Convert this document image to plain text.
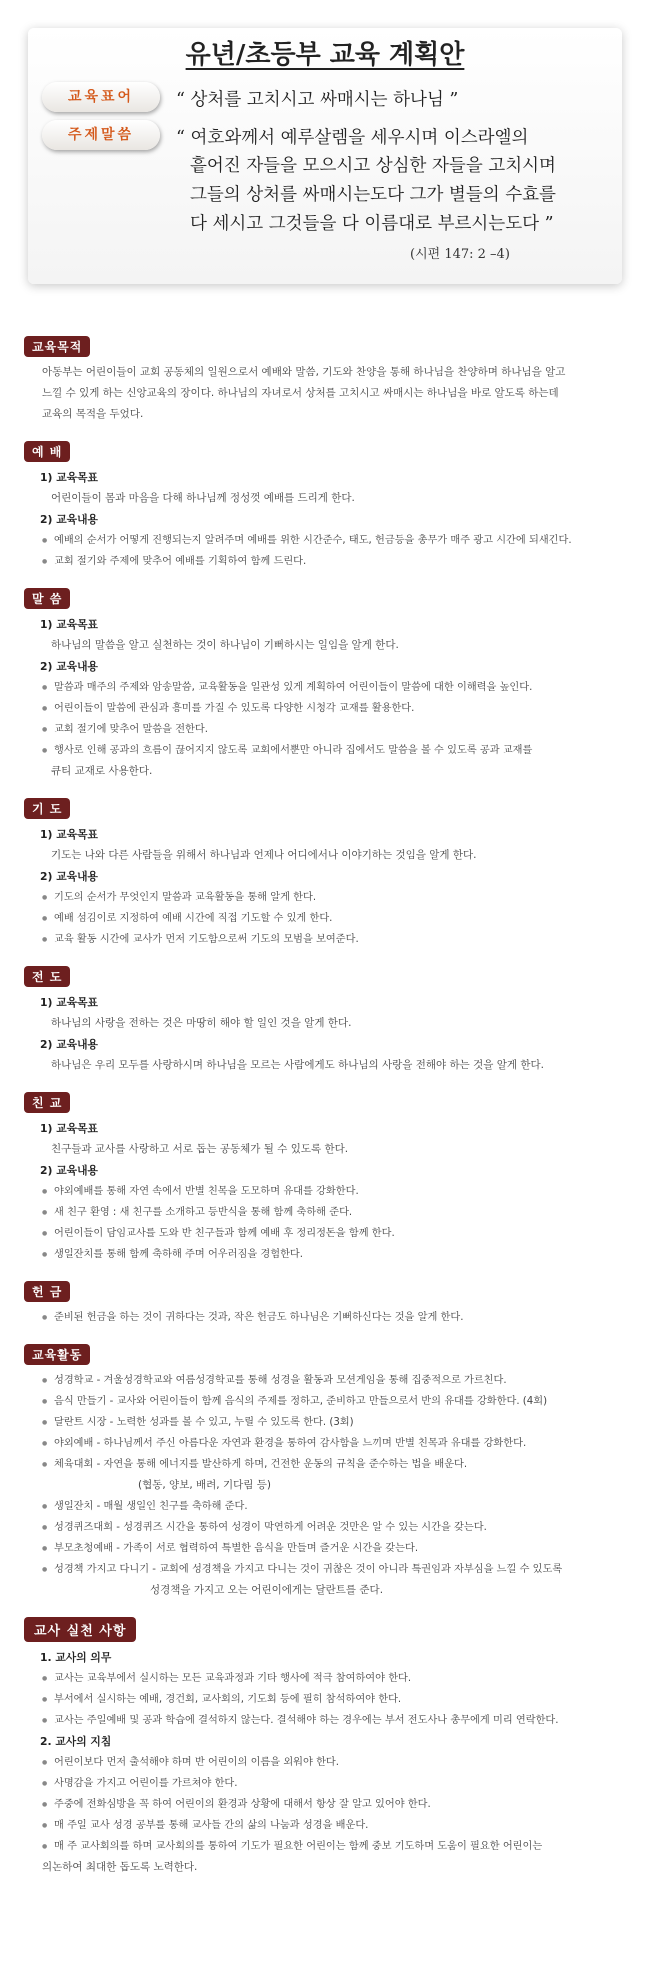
유년/초등부 교육 계획안
교육표어	“ 상처를 고치시고 싸매시는 하나님 ”
주제말씀	“ 여호와께서 예루살렘을 세우시며 이스라엘의
흩어진 자들을 모으시고 상심한 자들을 고치시며
그들의 상처를 싸매시는도다 그가 별들의 수효를
다 세시고 그것들을 다 이름대로 부르시는도다 ”
(시편 147: 2 –4)
교육목적
아동부는 어린이들이 교회 공동체의 일원으로서 예배와 말씀, 기도와 찬양을 통해 하나님을 찬양하며 하나님을 알고
느낄 수 있게 하는 신앙교육의 장이다. 하나님의 자녀로서 상처를 고치시고 싸매시는 하나님을 바로 알도록 하는데
교육의 목적을 두었다.
예 배
1) 교육목표
어린이들이 몸과 마음을 다해 하나님께 정성껏 예배를 드리게 한다.
2) 교육내용
● 예배의 순서가 어떻게 진행되는지 알려주며 예배를 위한 시간준수, 태도, 헌금등을 총무가 매주 광고 시간에 되새긴다.
● 교회 절기와 주제에 맞추어 예배를 기획하여 함께 드린다.
말 씀
1) 교육목표
하나님의 말씀을 알고 실천하는 것이 하나님이 기뻐하시는 일임을 알게 한다.
2) 교육내용
● 말씀과 매주의 주제와 암송말씀, 교육활동을 일관성 있게 계획하여 어린이들이 말씀에 대한 이해력을 높인다.
● 어린이들이 말씀에 관심과 흥미를 가질 수 있도록 다양한 시청각 교재를 활용한다.
● 교회 절기에 맞추어 말씀을 전한다.
● 행사로 인해 공과의 흐름이 끊어지지 않도록 교회에서뿐만 아니라 집에서도 말씀을 볼 수 있도록 공과 교재를
큐티 교재로 사용한다.
기 도
1) 교육목표
기도는 나와 다른 사람들을 위해서 하나님과 언제나 어디에서나 이야기하는 것임을 알게 한다.
2) 교육내용
● 기도의 순서가 무엇인지 말씀과 교육활동을 통해 알게 한다.
● 예배 섬김이로 지정하여 예배 시간에 직접 기도할 수 있게 한다.
● 교육 활동 시간에 교사가 먼저 기도함으로써 기도의 모범을 보여준다.
전 도
1) 교육목표
하나님의 사랑을 전하는 것은 마땅히 해야 할 일인 것을 알게 한다.
2) 교육내용
하나님은 우리 모두를 사랑하시며 하나님을 모르는 사람에게도 하나님의 사랑을 전해야 하는 것을 알게 한다.
친 교
1) 교육목표
친구들과 교사를 사랑하고 서로 돕는 공동체가 될 수 있도록 한다.
2) 교육내용
● 야외예배를 통해 자연 속에서 반별 친목을 도모하며 유대를 강화한다.
● 새 친구 환영 : 새 친구를 소개하고 등반식을 통해 함께 축하해 준다.
● 어린이들이 담임교사를 도와 반 친구들과 함께 예배 후 정리정돈을 함께 한다.
● 생일잔치를 통해 함께 축하해 주며 어우러짐을 경험한다.
헌 금
● 준비된 헌금을 하는 것이 귀하다는 것과, 작은 헌금도 하나님은 기뻐하신다는 것을 알게 한다.
교육활동
● 성경학교 - 겨울성경학교와 여름성경학교를 통해 성경을 활동과 모션게임을 통해 집중적으로 가르친다.
● 음식 만들기 - 교사와 어린이들이 함께 음식의 주제를 정하고, 준비하고 만들으로서 반의 유대를 강화한다. (4회)
● 달란트 시장 - 노력한 성과를 볼 수 있고, 누릴 수 있도록 한다. (3회)
● 야외예배 - 하나님께서 주신 아름다운 자연과 환경을 통하여 감사함을 느끼며 반별 친목과 유대를 강화한다.
● 체육대회 - 자연을 통해 에너지를 발산하게 하며, 건전한 운동의 규칙을 준수하는 법을 배운다.
(협동, 양보, 배려, 기다림 등)
● 생일잔치 - 매월 생일인 친구를 축하해 준다.
● 성경퀴즈대회 - 성경퀴즈 시간을 통하여 성경이 막연하게 어려운 것만은 알 수 있는 시간을 갖는다.
● 부모초청예배 - 가족이 서로 협력하여 특별한 음식을 만들며 즐거운 시간을 갖는다.
● 성경책 가지고 다니기 - 교회에 성경책을 가지고 다니는 것이 귀찮은 것이 아니라 특권임과 자부심을 느낄 수 있도록
성경책을 가지고 오는 어린이에게는 달란트를 준다.
교사 실천 사항
1. 교사의 의무
● 교사는 교육부에서 실시하는 모든 교육과정과 기타 행사에 적극 참여하여야 한다.
● 부서에서 실시하는 예배, 경건회, 교사회의, 기도회 등에 필히 참석하여야 한다.
● 교사는 주일예배 및 공과 학습에 결석하지 않는다. 결석해야 하는 경우에는 부서 전도사나 총무에게 미리 연락한다.
2. 교사의 지침
● 어린이보다 먼저 출석해야 하며 반 어린이의 이름을 외워야 한다.
● 사명감을 가지고 어린이를 가르쳐야 한다.
● 주중에 전화심방을 꼭 하여 어린이의 환경과 상황에 대해서 항상 잘 알고 있어야 한다.
● 매 주일 교사 성경 공부를 통해 교사들 간의 삶의 나눔과 성경을 배운다.
● 매 주 교사회의를 하며 교사회의를 통하여 기도가 필요한 어린이는 함께 중보 기도하며 도움이 필요한 어린이는
의논하여 최대한 돕도록 노력한다.
